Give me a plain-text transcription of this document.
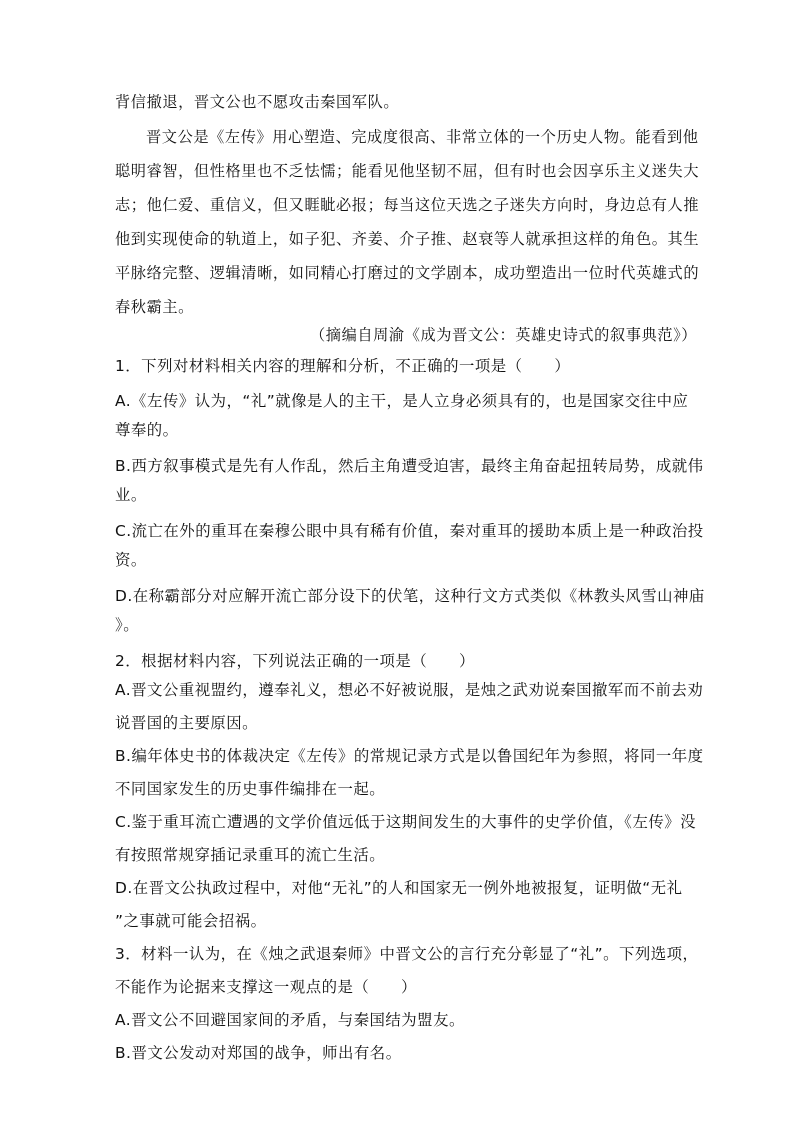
背信撤退，晋文公也不愿攻击秦国军队。

晋文公是《左传》用心塑造、完成度很高、非常立体的一个历史人物。能看到他

聪明睿智，但性格里也不乏怯懦；能看见他坚韧不屈，但有时也会因享乐主义迷失大

志；他仁爱、重信义，但又睚眦必报；每当这位天选之子迷失方向时，身边总有人推

他到实现使命的轨道上，如子犯、齐姜、介子推、赵衰等人就承担这样的角色。其生

平脉络完整、逻辑清晰，如同精心打磨过的文学剧本，成功塑造出一位时代英雄式的

春秋霸主。

（摘编自周渝《成为晋文公：英雄史诗式的叙事典范》）

1．下列对材料相关内容的理解和分析，不正确的一项是（　　）

A.《左传》认为，“礼”就像是人的主干，是人立身必须具有的，也是国家交往中应

尊奉的。

B.西方叙事模式是先有人作乱，然后主角遭受迫害，最终主角奋起扭转局势，成就伟

业。

C.流亡在外的重耳在秦穆公眼中具有稀有价值，秦对重耳的援助本质上是一种政治投

资。

D.在称霸部分对应解开流亡部分设下的伏笔，这种行文方式类似《林教头风雪山神庙

》。

2．根据材料内容，下列说法正确的一项是（　　）

A.晋文公重视盟约，遵奉礼义，想必不好被说服，是烛之武劝说秦国撤军而不前去劝

说晋国的主要原因。

B.编年体史书的体裁决定《左传》的常规记录方式是以鲁国纪年为参照，将同一年度

不同国家发生的历史事件编排在一起。

C.鉴于重耳流亡遭遇的文学价值远低于这期间发生的大事件的史学价值，《左传》没

有按照常规穿插记录重耳的流亡生活。

D.在晋文公执政过程中，对他“无礼”的人和国家无一例外地被报复，证明做“无礼

”之事就可能会招祸。

3．材料一认为，在《烛之武退秦师》中晋文公的言行充分彰显了“礼”。下列选项，

不能作为论据来支撑这一观点的是（　　）

A.晋文公不回避国家间的矛盾，与秦国结为盟友。

B.晋文公发动对郑国的战争，师出有名。
